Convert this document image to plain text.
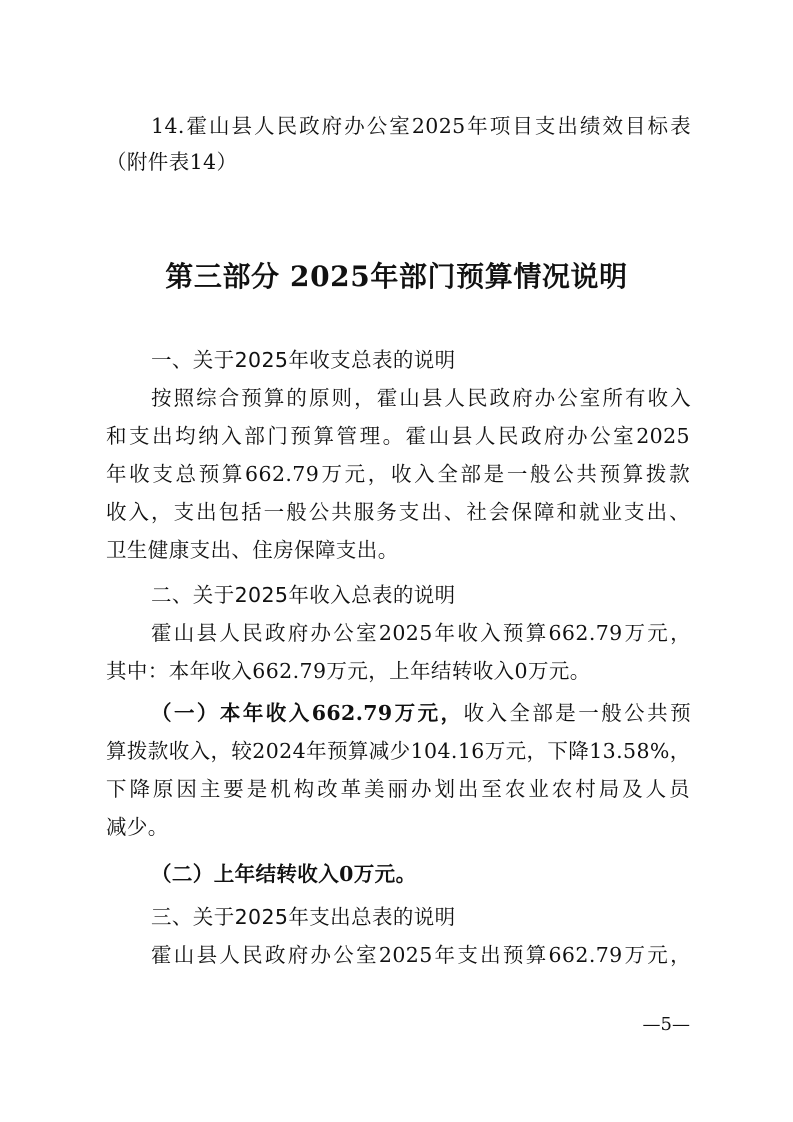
14.霍山县人民政府办公室2025年项目支出绩效目标表
（附件表14）
第三部分 2025年部门预算情况说明
一、关于2025年收支总表的说明
按照综合预算的原则，霍山县人民政府办公室所有收入
和支出均纳入部门预算管理。霍山县人民政府办公室2025
年收支总预算662.79万元，收入全部是一般公共预算拨款
收入，支出包括一般公共服务支出、社会保障和就业支出、
卫生健康支出、住房保障支出。
二、关于2025年收入总表的说明
霍山县人民政府办公室2025年收入预算662.79万元，
其中：本年收入662.79万元，上年结转收入0万元。
（一）本年收入662.79万元，收入全部是一般公共预
算拨款收入，较2024年预算减少104.16万元，下降13.58%，
下降原因主要是机构改革美丽办划出至农业农村局及人员
减少。
（二）上年结转收入0万元。
三、关于2025年支出总表的说明
霍山县人民政府办公室2025年支出预算662.79万元，
—5—
